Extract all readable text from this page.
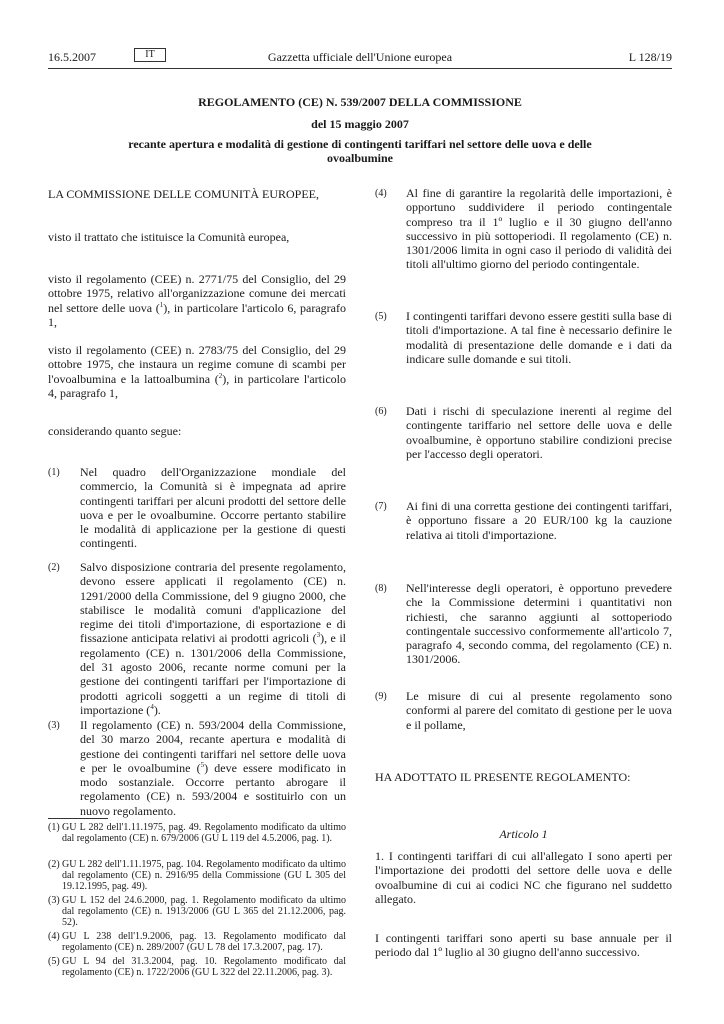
16.5.2007	IT	Gazzetta ufficiale dell'Unione europea	L 128/19
REGOLAMENTO (CE) N. 539/2007 DELLA COMMISSIONE
del 15 maggio 2007
recante apertura e modalità di gestione di contingenti tariffari nel settore delle uova e delle
ovoalbumine

LA COMMISSIONE DELLE COMUNITÀ EUROPEE,

visto il trattato che istituisce la Comunità europea,

visto il regolamento (CEE) n. 2771/75 del Consiglio, del 29 ottobre 1975, relativo all'organizzazione comune dei mercati nel settore delle uova ($^1$), in particolare l'articolo 6, paragrafo 1,

visto il regolamento (CEE) n. 2783/75 del Consiglio, del 29 ottobre 1975, che instaura un regime comune di scambi per l'ovoalbumina e la lattoalbumina ($^2$), in particolare l'articolo 4, paragrafo 1,

considerando quanto segue:

(1) Nel quadro dell'Organizzazione mondiale del commercio, la Comunità si è impegnata ad aprire contingenti tariffari per alcuni prodotti del settore delle uova e per le ovoalbumine. Occorre pertanto stabilire le modalità di applicazione per la gestione di questi contingenti.

(2) Salvo disposizione contraria del presente regolamento, devono essere applicati il regolamento (CE) n. 1291/2000 della Commissione, del 9 giugno 2000, che stabilisce le modalità comuni d'applicazione del regime dei titoli d'importazione, di esportazione e di fissazione anticipata relativi ai prodotti agricoli ($^3$), e il regolamento (CE) n. 1301/2006 della Commissione, del 31 agosto 2006, recante norme comuni per la gestione dei contingenti tariffari per l'importazione di prodotti agricoli soggetti a un regime di titoli di importazione ($^4$).

(3) Il regolamento (CE) n. 593/2004 della Commissione, del 30 marzo 2004, recante apertura e modalità di gestione dei contingenti tariffari nel settore delle uova e per le ovoalbumine ($^5$) deve essere modificato in modo sostanziale. Occorre pertanto abrogare il regolamento (CE) n. 593/2004 e sostituirlo con un nuovo regolamento.

(1) GU L 282 dell'1.11.1975, pag. 49. Regolamento modificato da ultimo dal regolamento (CE) n. 679/2006 (GU L 119 del 4.5.2006, pag. 1).
(2) GU L 282 dell'1.11.1975, pag. 104. Regolamento modificato da ultimo dal regolamento (CE) n. 2916/95 della Commissione (GU L 305 del 19.12.1995, pag. 49).
(3) GU L 152 del 24.6.2000, pag. 1. Regolamento modificato da ultimo dal regolamento (CE) n. 1913/2006 (GU L 365 del 21.12.2006, pag. 52).
(4) GU L 238 dell'1.9.2006, pag. 13. Regolamento modificato dal regolamento (CE) n. 289/2007 (GU L 78 del 17.3.2007, pag. 17).
(5) GU L 94 del 31.3.2004, pag. 10. Regolamento modificato dal regolamento (CE) n. 1722/2006 (GU L 322 del 22.11.2006, pag. 3).
(4) Al fine di garantire la regolarità delle importazioni, è opportuno suddividere il periodo contingentale compreso tra il 1º luglio e il 30 giugno dell'anno successivo in più sottoperiodi. Il regolamento (CE) n. 1301/2006 limita in ogni caso il periodo di validità dei titoli all'ultimo giorno del periodo contingentale.

(5) I contingenti tariffari devono essere gestiti sulla base di titoli d'importazione. A tal fine è necessario definire le modalità di presentazione delle domande e i dati da indicare sulle domande e sui titoli.

(6) Dati i rischi di speculazione inerenti al regime del contingente tariffario nel settore delle uova e delle ovoalbumine, è opportuno stabilire condizioni precise per l'accesso degli operatori.

(7) Ai fini di una corretta gestione dei contingenti tariffari, è opportuno fissare a 20 EUR/100 kg la cauzione relativa ai titoli d'importazione.

(8) Nell'interesse degli operatori, è opportuno prevedere che la Commissione determini i quantitativi non richiesti, che saranno aggiunti al sottoperiodo contingentale successivo conformemente all'articolo 7, paragrafo 4, secondo comma, del regolamento (CE) n. 1301/2006.

(9) Le misure di cui al presente regolamento sono conformi al parere del comitato di gestione per le uova e il pollame,

HA ADOTTATO IL PRESENTE REGOLAMENTO:

Articolo 1

1. I contingenti tariffari di cui all'allegato I sono aperti per l'importazione dei prodotti del settore delle uova e delle ovoalbumine di cui ai codici NC che figurano nel suddetto allegato.

I contingenti tariffari sono aperti su base annuale per il periodo dal 1º luglio al 30 giugno dell'anno successivo.
